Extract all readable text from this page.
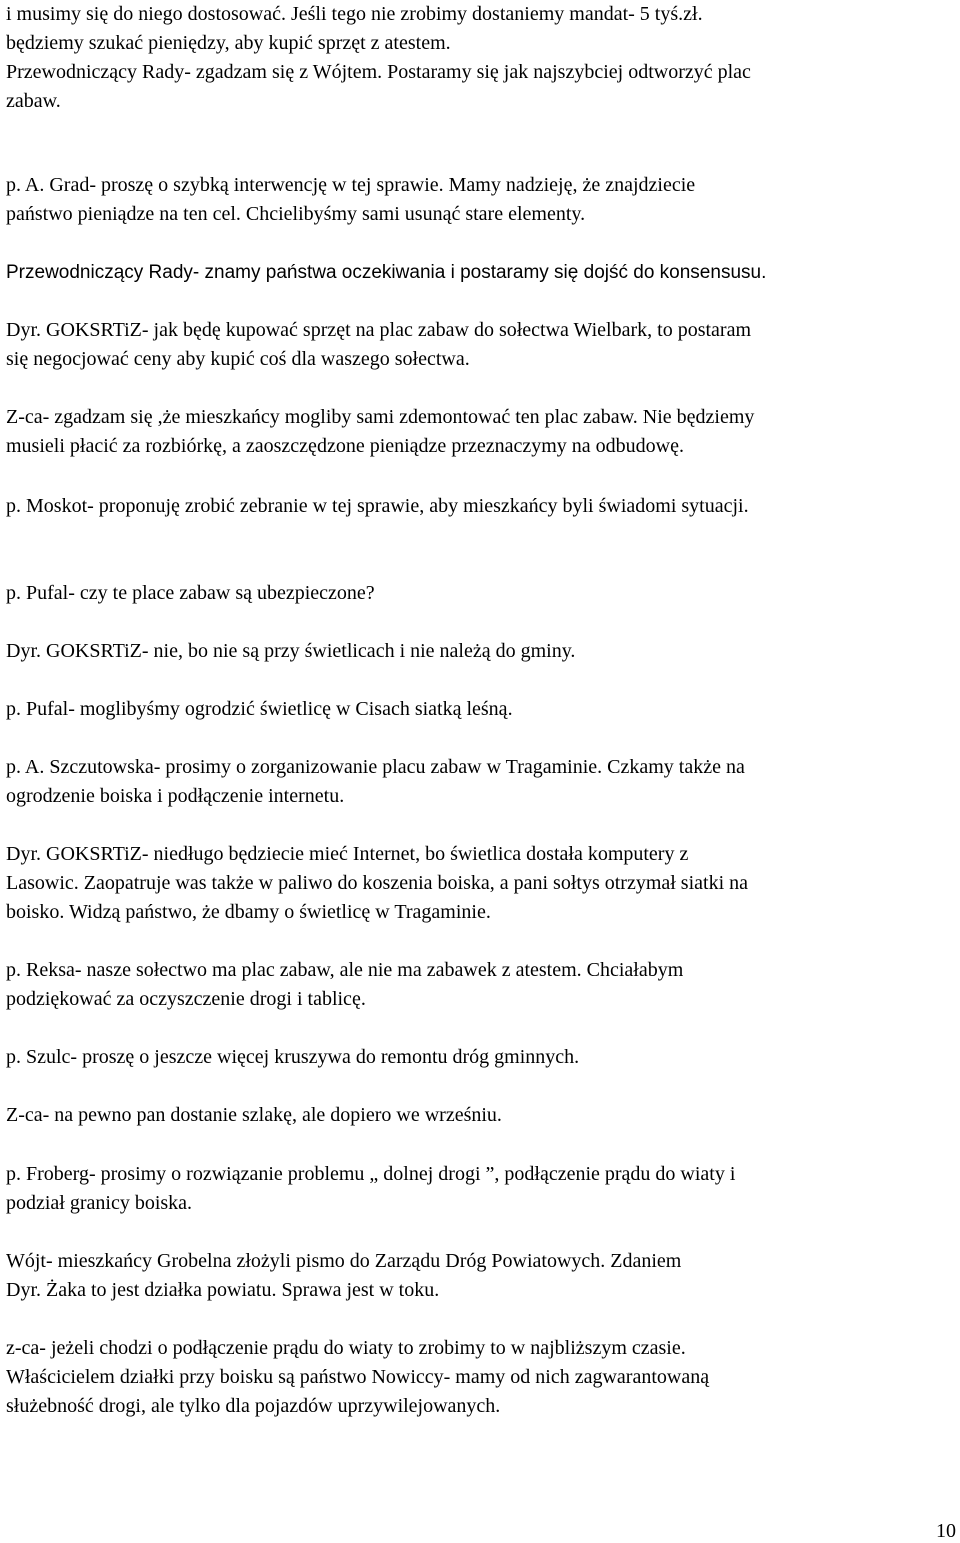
i musimy się do niego dostosować. Jeśli tego nie zrobimy dostaniemy mandat- 5 tyś.zł.
będziemy szukać pieniędzy, aby kupić sprzęt z atestem.
Przewodniczący Rady- zgadzam się z Wójtem. Postaramy się jak najszybciej odtworzyć plac
zabaw.
p. A. Grad- proszę o szybką interwencję w tej sprawie. Mamy nadzieję, że znajdziecie
państwo pieniądze na ten cel. Chcielibyśmy sami usunąć stare elementy.
Przewodniczący Rady- znamy państwa oczekiwania i postaramy się dojść do konsensusu.
Dyr. GOKSRTiZ- jak będę kupować sprzęt na plac zabaw do sołectwa Wielbark, to postaram
się negocjować ceny aby kupić coś dla waszego sołectwa.
Z-ca- zgadzam się ,że mieszkańcy mogliby sami zdemontować ten plac zabaw. Nie będziemy
musieli płacić za rozbiórkę, a zaoszczędzone pieniądze przeznaczymy na odbudowę.
p. Moskot- proponuję zrobić zebranie w tej sprawie, aby mieszkańcy byli świadomi sytuacji.
p. Pufal- czy te place zabaw są ubezpieczone?
Dyr. GOKSRTiZ- nie, bo nie są przy świetlicach i nie należą do gminy.
p. Pufal- moglibyśmy ogrodzić świetlicę w Cisach siatką leśną.
p. A. Szczutowska- prosimy o zorganizowanie placu zabaw w Tragaminie. Czkamy także na
ogrodzenie boiska i podłączenie internetu.
Dyr. GOKSRTiZ- niedługo będziecie mieć Internet, bo świetlica dostała komputery z
Lasowic. Zaopatruje was także w paliwo do koszenia boiska, a pani sołtys otrzymał siatki na
boisko. Widzą państwo, że dbamy o świetlicę w Tragaminie.
p. Reksa- nasze sołectwo ma plac zabaw, ale nie ma zabawek z atestem. Chciałabym
podziękować za oczyszczenie drogi i tablicę.
p. Szulc- proszę o jeszcze więcej kruszywa do remontu dróg gminnych.
Z-ca- na pewno pan dostanie szlakę, ale dopiero we wrześniu.
p. Froberg- prosimy o rozwiązanie problemu „ dolnej drogi ”, podłączenie prądu do wiaty i
podział granicy boiska.
Wójt- mieszkańcy Grobelna złożyli pismo do Zarządu Dróg Powiatowych. Zdaniem
Dyr. Żaka to jest działka powiatu. Sprawa jest w toku.
z-ca- jeżeli chodzi o podłączenie prądu do wiaty to zrobimy to w najbliższym czasie.
Właścicielem działki przy boisku są państwo Nowiccy- mamy od nich zagwarantowaną
służebność drogi, ale tylko dla pojazdów uprzywilejowanych.
10
